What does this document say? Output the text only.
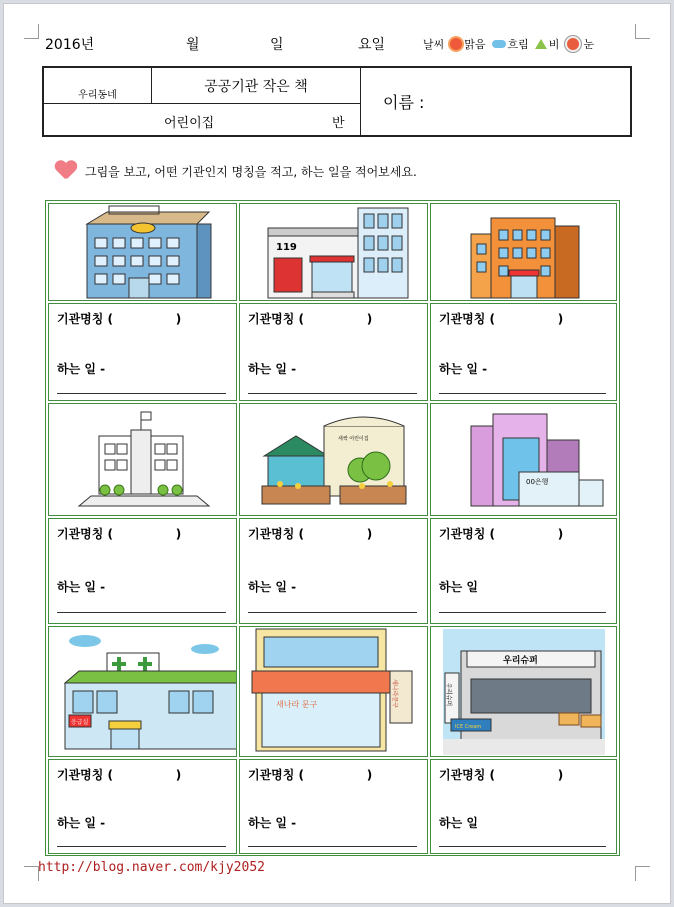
2016년	월	일	요일	날씨 맑음 흐림 비 눈
우리동네
공공기관 작은 책
어린이집	반
이름 :
그림을 보고, 어떤 기관인지 명칭을 적고, 하는 일을 적어보세요.
119
기관명칭 (               )
하는 일 -
기관명칭 (               )
하는 일 -
기관명칭 (               )
하는 일 -
새싹 어린이집
00은행
기관명칭 (               )
하는 일 -
기관명칭 (               )
하는 일 -
기관명칭 (               )
하는 일
응급실
새나라 문구	새나라문구
우리슈퍼
우리슈퍼
ICE Cream
기관명칭 (               )
하는 일 -
기관명칭 (               )
하는 일 -
기관명칭 (               )
하는 일
http://blog.naver.com/kjy2052
